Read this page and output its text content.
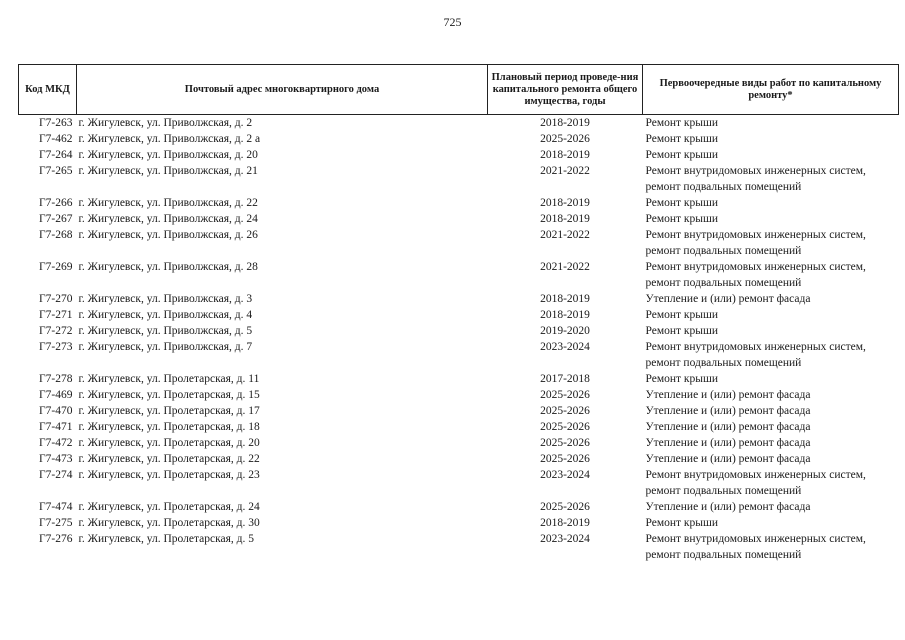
725
Код МКД	Почтовый адрес многоквартирного дома	Плановый период проведе-ния капитального ремонта общего имущества, годы	Первоочередные виды работ по капитальному ремонту*
Г7-263	г. Жигулевск, ул. Приволжская, д. 2	2018-2019	Ремонт крыши
Г7-462	г. Жигулевск, ул. Приволжская, д. 2 а	2025-2026	Ремонт крыши
Г7-264	г. Жигулевск, ул. Приволжская, д. 20	2018-2019	Ремонт крыши
Г7-265	г. Жигулевск, ул. Приволжская, д. 21	2021-2022	Ремонт внутридомовых инженерных систем, ремонт подвальных помещений
Г7-266	г. Жигулевск, ул. Приволжская, д. 22	2018-2019	Ремонт крыши
Г7-267	г. Жигулевск, ул. Приволжская, д. 24	2018-2019	Ремонт крыши
Г7-268	г. Жигулевск, ул. Приволжская, д. 26	2021-2022	Ремонт внутридомовых инженерных систем, ремонт подвальных помещений
Г7-269	г. Жигулевск, ул. Приволжская, д. 28	2021-2022	Ремонт внутридомовых инженерных систем, ремонт подвальных помещений
Г7-270	г. Жигулевск, ул. Приволжская, д. 3	2018-2019	Утепление и (или) ремонт фасада
Г7-271	г. Жигулевск, ул. Приволжская, д. 4	2018-2019	Ремонт крыши
Г7-272	г. Жигулевск, ул. Приволжская, д. 5	2019-2020	Ремонт крыши
Г7-273	г. Жигулевск, ул. Приволжская, д. 7	2023-2024	Ремонт внутридомовых инженерных систем, ремонт подвальных помещений
Г7-278	г. Жигулевск, ул. Пролетарская, д. 11	2017-2018	Ремонт крыши
Г7-469	г. Жигулевск, ул. Пролетарская, д. 15	2025-2026	Утепление и (или) ремонт фасада
Г7-470	г. Жигулевск, ул. Пролетарская, д. 17	2025-2026	Утепление и (или) ремонт фасада
Г7-471	г. Жигулевск, ул. Пролетарская, д. 18	2025-2026	Утепление и (или) ремонт фасада
Г7-472	г. Жигулевск, ул. Пролетарская, д. 20	2025-2026	Утепление и (или) ремонт фасада
Г7-473	г. Жигулевск, ул. Пролетарская, д. 22	2025-2026	Утепление и (или) ремонт фасада
Г7-274	г. Жигулевск, ул. Пролетарская, д. 23	2023-2024	Ремонт внутридомовых инженерных систем, ремонт подвальных помещений
Г7-474	г. Жигулевск, ул. Пролетарская, д. 24	2025-2026	Утепление и (или) ремонт фасада
Г7-275	г. Жигулевск, ул. Пролетарская, д. 30	2018-2019	Ремонт крыши
Г7-276	г. Жигулевск, ул. Пролетарская, д. 5	2023-2024	Ремонт внутридомовых инженерных систем, ремонт подвальных помещений
